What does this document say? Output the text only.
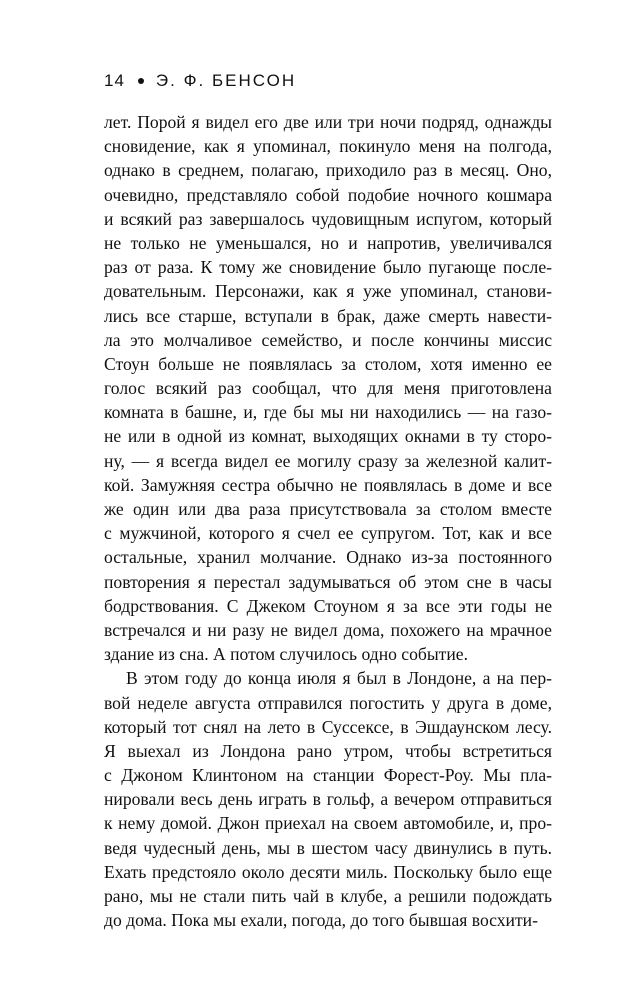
14 Э. Ф. БЕНСОН
лет. Порой я видел его две или три ночи подряд, однажды
сновидение, как я упоминал, покинуло меня на полгода,
однако в среднем, полагаю, приходило раз в месяц. Оно,
очевидно, представляло собой подобие ночного кошмара
и всякий раз завершалось чудовищным испугом, который
не только не уменьшался, но и напротив, увеличивался
раз от раза. К тому же сновидение было пугающе после-
довательным. Персонажи, как я уже упоминал, станови-
лись все старше, вступали в брак, даже смерть навести-
ла это молчаливое семейство, и после кончины миссис
Стоун больше не появлялась за столом, хотя именно ее
голос всякий раз сообщал, что для меня приготовлена
комната в башне, и, где бы мы ни находились — на газо-
не или в одной из комнат, выходящих окнами в ту сторо-
ну, — я всегда видел ее могилу сразу за железной калит-
кой. Замужняя сестра обычно не появлялась в доме и все
же один или два раза присутствовала за столом вместе
с мужчиной, которого я счел ее супругом. Тот, как и все
остальные, хранил молчание. Однако из-за постоянного
повторения я перестал задумываться об этом сне в часы
бодрствования. С Джеком Стоуном я за все эти годы не
встречался и ни разу не видел дома, похожего на мрачное
здание из сна. А потом случилось одно событие.
В этом году до конца июля я был в Лондоне, а на пер-
вой неделе августа отправился погостить у друга в доме,
который тот снял на лето в Суссексе, в Эшдаунском лесу.
Я выехал из Лондона рано утром, чтобы встретиться
с Джоном Клинтоном на станции Форест-Роу. Мы пла-
нировали весь день играть в гольф, а вечером отправиться
к нему домой. Джон приехал на своем автомобиле, и, про-
ведя чудесный день, мы в шестом часу двинулись в путь.
Ехать предстояло около десяти миль. Поскольку было еще
рано, мы не стали пить чай в клубе, а решили подождать
до дома. Пока мы ехали, погода, до того бывшая восхити-
